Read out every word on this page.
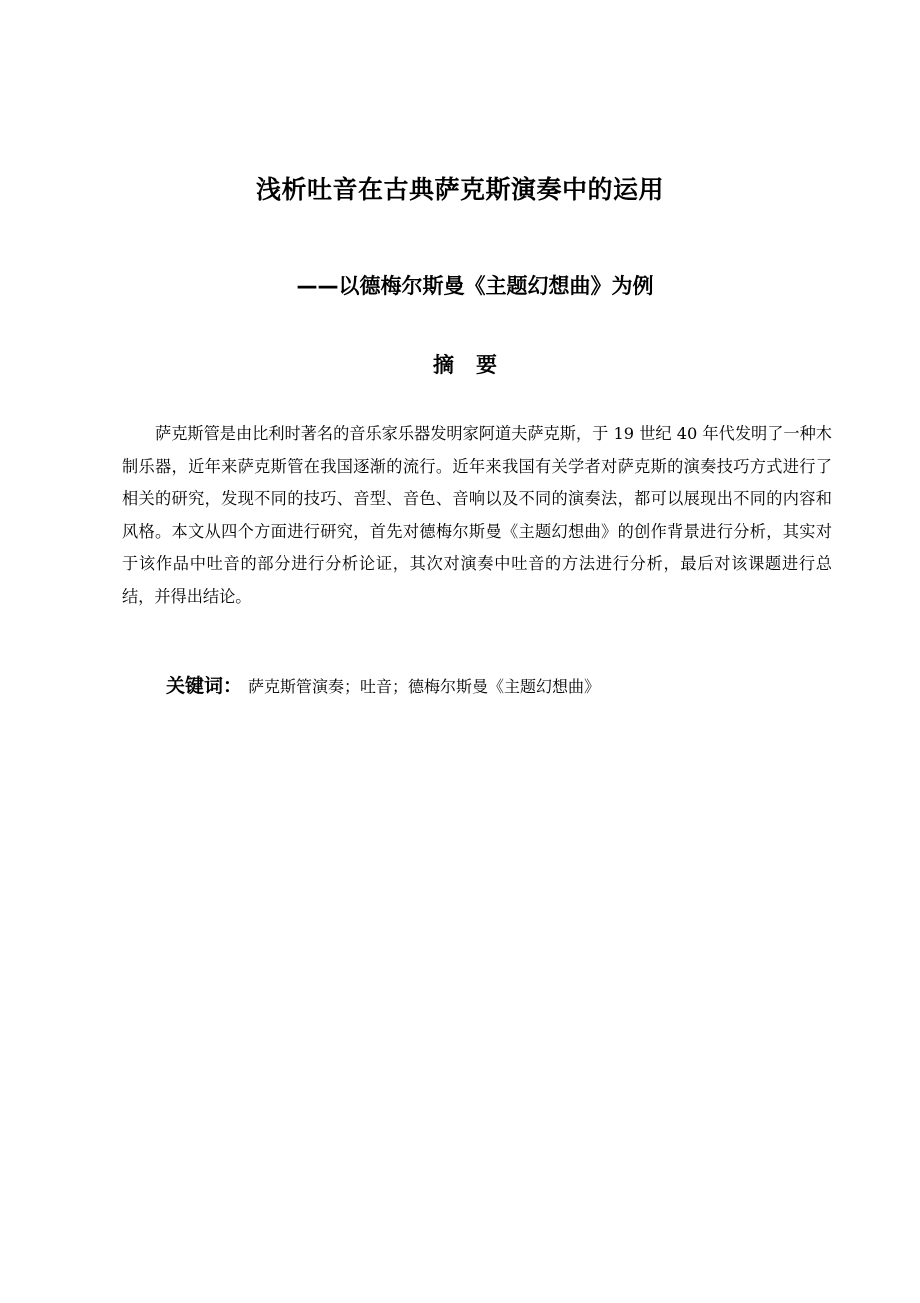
浅析吐音在古典萨克斯演奏中的运用
——以德梅尔斯曼《主题幻想曲》为例
摘要

萨克斯管是由比利时著名的音乐家乐器发明家阿道夫萨克斯，于 19 世纪 40 年代发明了一种木制乐器，近年来萨克斯管在我国逐渐的流行。近年来我国有关学者对萨克斯的演奏技巧方式进行了相关的研究，发现不同的技巧、音型、音色、音响以及不同的演奏法，都可以展现出不同的内容和风格。本文从四个方面进行研究，首先对德梅尔斯曼《主题幻想曲》的创作背景进行分析，其实对于该作品中吐音的部分进行分析论证，其次对演奏中吐音的方法进行分析，最后对该课题进行总结，并得出结论。

关键词： 萨克斯管演奏；吐音；德梅尔斯曼《主题幻想曲》
